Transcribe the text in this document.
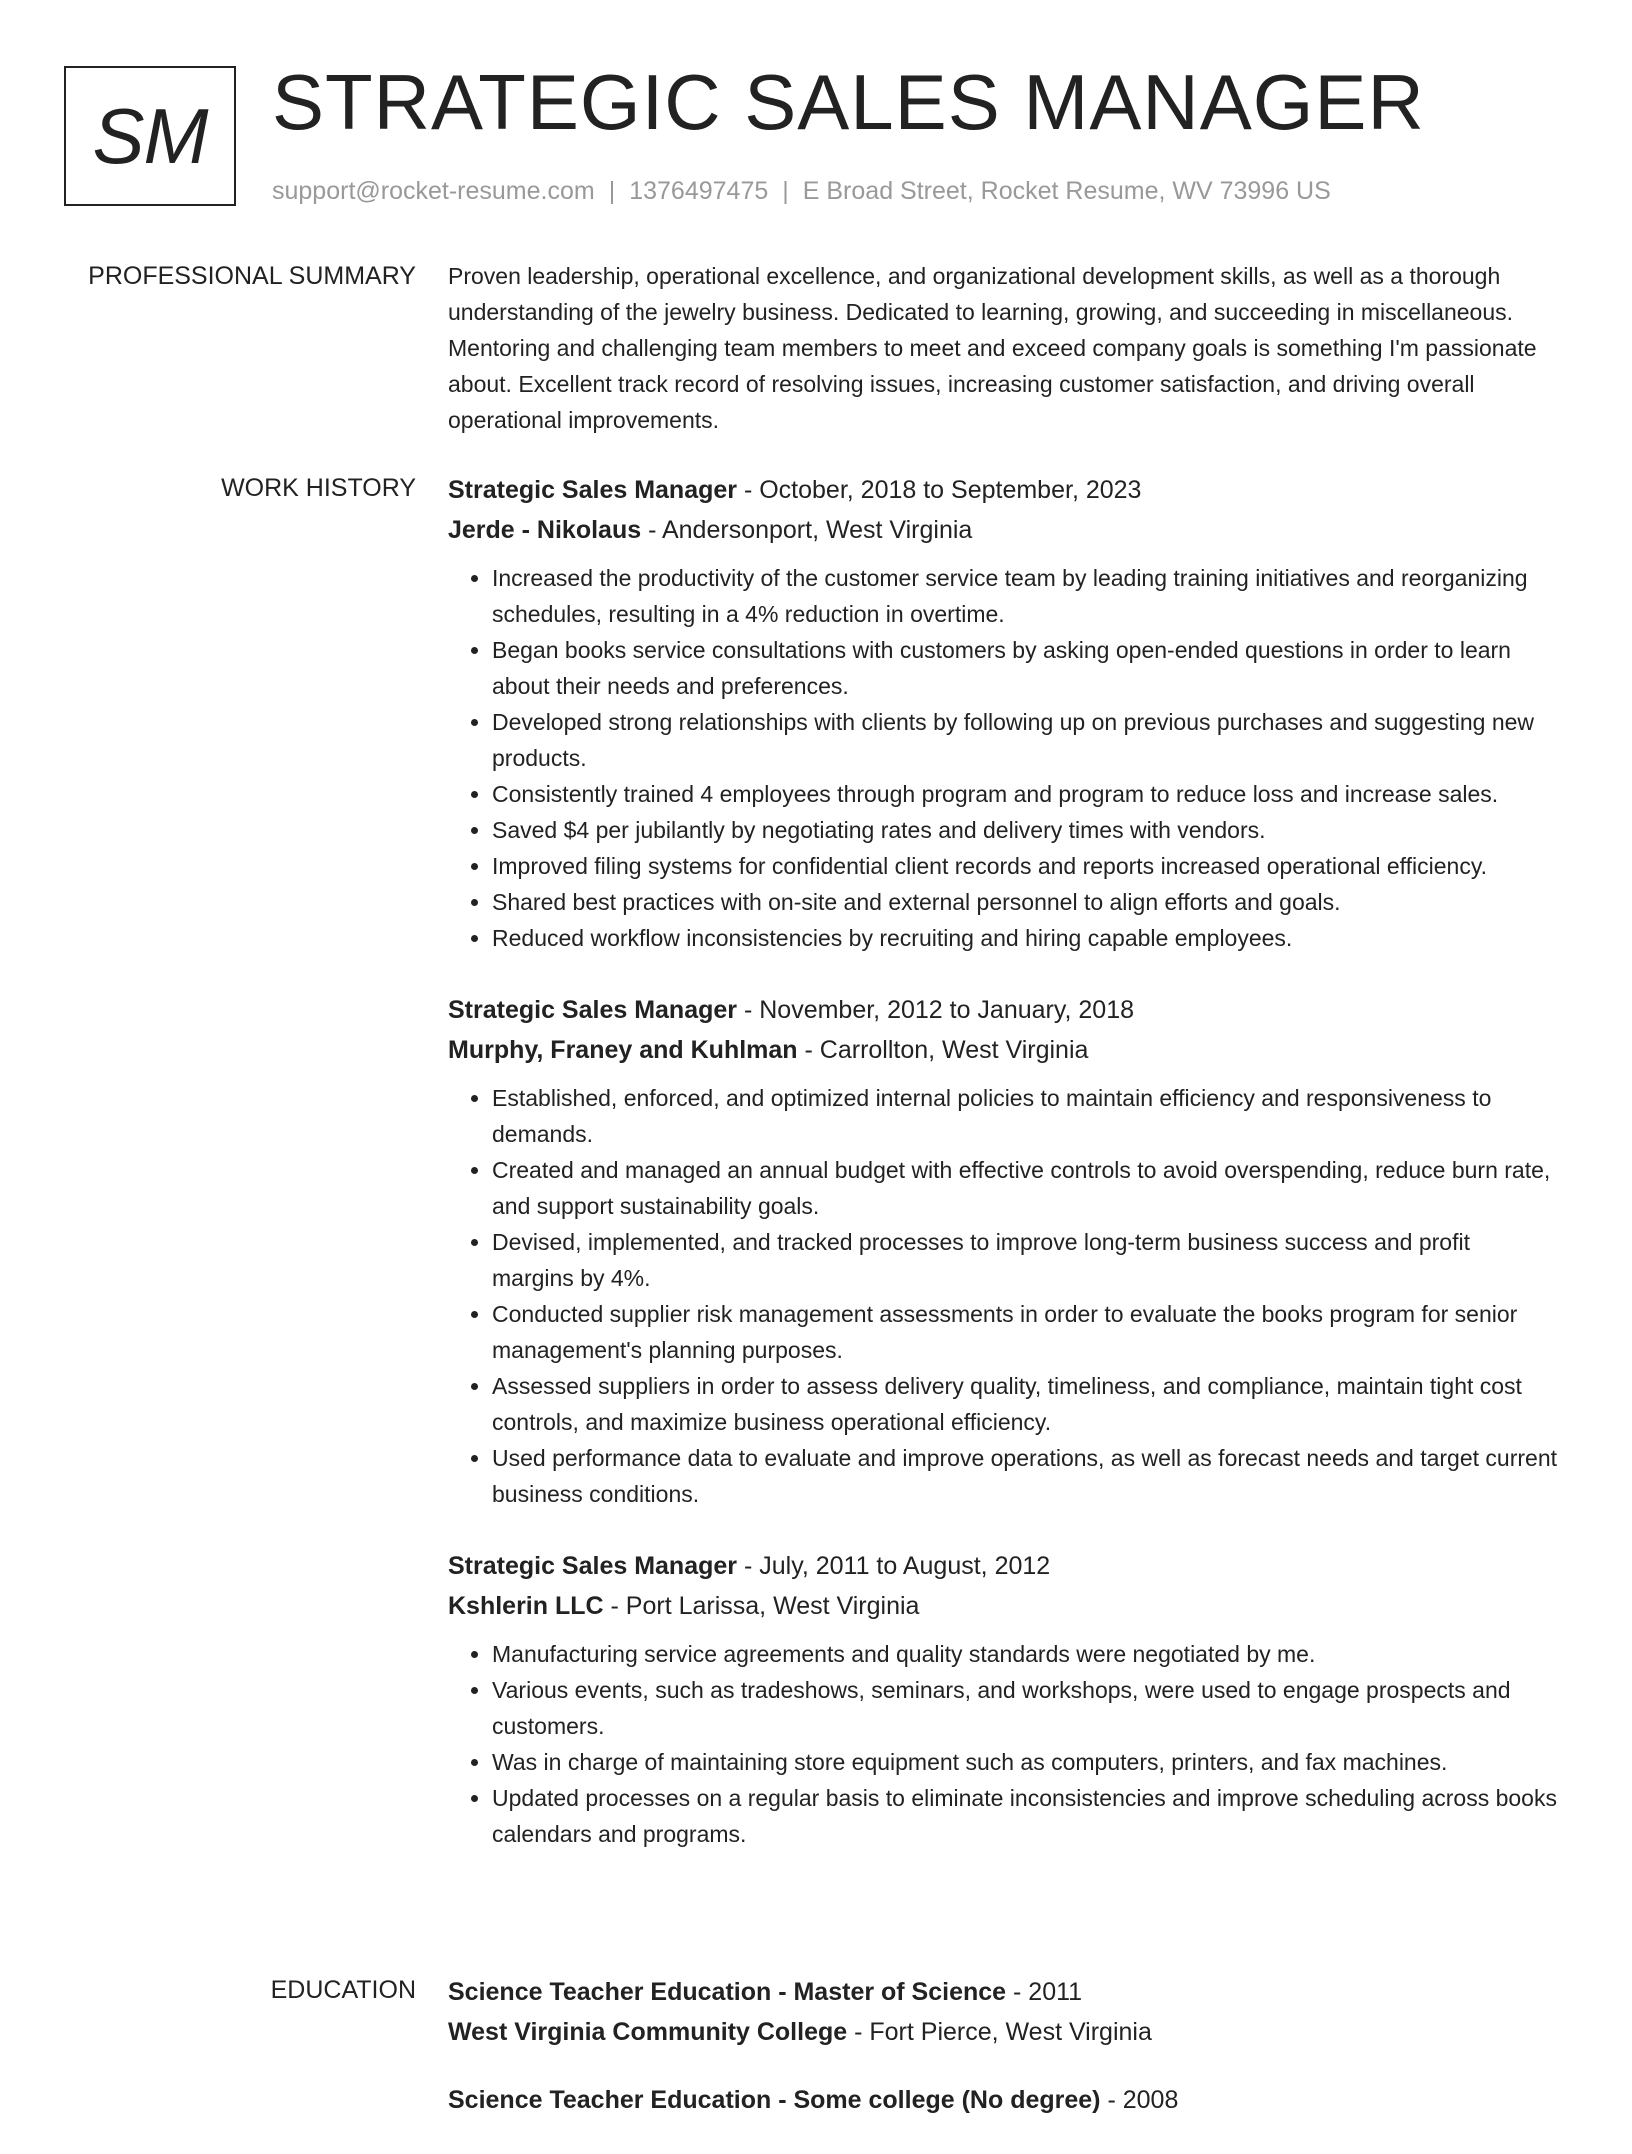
SM STRATEGIC SALES MANAGER
support@rocket-resume.com | 1376497475 | E Broad Street, Rocket Resume, WV 73996 US
PROFESSIONAL SUMMARY Proven leadership, operational excellence, and organizational development skills, as well as a thorough understanding of the jewelry business. Dedicated to learning, growing, and succeeding in miscellaneous. Mentoring and challenging team members to meet and exceed company goals is something I'm passionate about. Excellent track record of resolving issues, increasing customer satisfaction, and driving overall operational improvements.

WORK HISTORY Strategic Sales Manager - October, 2018 to September, 2023
Jerde - Nikolaus - Andersonport, West Virginia
• Increased the productivity of the customer service team by leading training initiatives and reorganizing schedules, resulting in a 4% reduction in overtime.
• Began books service consultations with customers by asking open-ended questions in order to learn about their needs and preferences.
• Developed strong relationships with clients by following up on previous purchases and suggesting new products.
• Consistently trained 4 employees through program and program to reduce loss and increase sales.
• Saved $4 per jubilantly by negotiating rates and delivery times with vendors.
• Improved filing systems for confidential client records and reports increased operational efficiency.
• Shared best practices with on-site and external personnel to align efforts and goals.
• Reduced workflow inconsistencies by recruiting and hiring capable employees.
Strategic Sales Manager - November, 2012 to January, 2018
Murphy, Franey and Kuhlman - Carrollton, West Virginia
• Established, enforced, and optimized internal policies to maintain efficiency and responsiveness to demands.
• Created and managed an annual budget with effective controls to avoid overspending, reduce burn rate, and support sustainability goals.
• Devised, implemented, and tracked processes to improve long-term business success and profit margins by 4%.
• Conducted supplier risk management assessments in order to evaluate the books program for senior management's planning purposes.
• Assessed suppliers in order to assess delivery quality, timeliness, and compliance, maintain tight cost controls, and maximize business operational efficiency.
• Used performance data to evaluate and improve operations, as well as forecast needs and target current business conditions.
Strategic Sales Manager - July, 2011 to August, 2012
Kshlerin LLC - Port Larissa, West Virginia
• Manufacturing service agreements and quality standards were negotiated by me.
• Various events, such as tradeshows, seminars, and workshops, were used to engage prospects and customers.
• Was in charge of maintaining store equipment such as computers, printers, and fax machines.
• Updated processes on a regular basis to eliminate inconsistencies and improve scheduling across books calendars and programs.
EDUCATION Science Teacher Education - Master of Science - 2011
West Virginia Community College - Fort Pierce, West Virginia
Science Teacher Education - Some college (No degree) - 2008
